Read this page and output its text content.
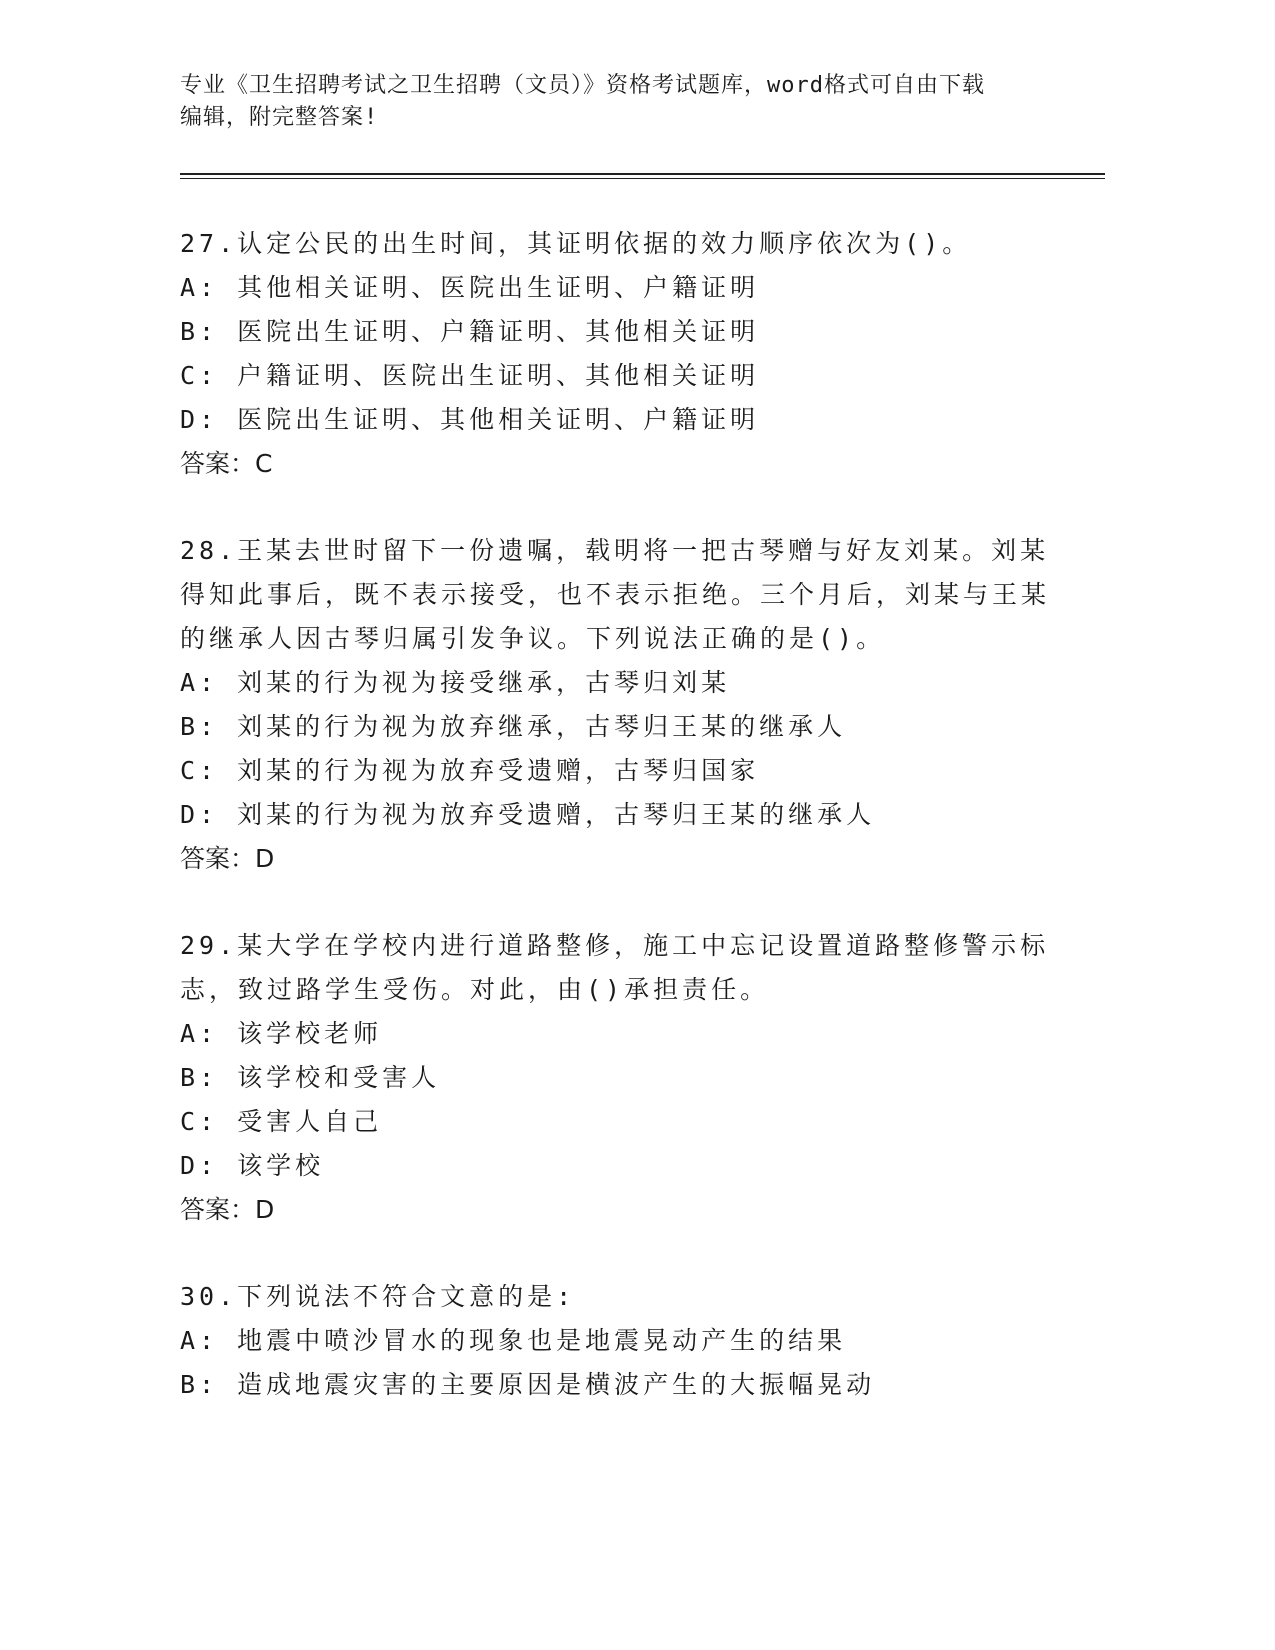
专业《卫生招聘考试之卫生招聘（文员）》资格考试题库，word格式可自由下载
编辑，附完整答案!
27.认定公民的出生时间，其证明依据的效力顺序依次为()。
A: 其他相关证明、医院出生证明、户籍证明
B: 医院出生证明、户籍证明、其他相关证明
C: 户籍证明、医院出生证明、其他相关证明
D: 医院出生证明、其他相关证明、户籍证明
答案：C
28.王某去世时留下一份遗嘱，载明将一把古琴赠与好友刘某。刘某得知此事后，既不表示接受，也不表示拒绝。三个月后，刘某与王某的继承人因古琴归属引发争议。下列说法正确的是()。
A: 刘某的行为视为接受继承，古琴归刘某
B: 刘某的行为视为放弃继承，古琴归王某的继承人
C: 刘某的行为视为放弃受遗赠，古琴归国家
D: 刘某的行为视为放弃受遗赠，古琴归王某的继承人
答案：D
29.某大学在学校内进行道路整修，施工中忘记设置道路整修警示标志，致过路学生受伤。对此，由()承担责任。
A: 该学校老师
B: 该学校和受害人
C: 受害人自己
D: 该学校
答案：D
30.下列说法不符合文意的是:
A: 地震中喷沙冒水的现象也是地震晃动产生的结果
B: 造成地震灾害的主要原因是横波产生的大振幅晃动
